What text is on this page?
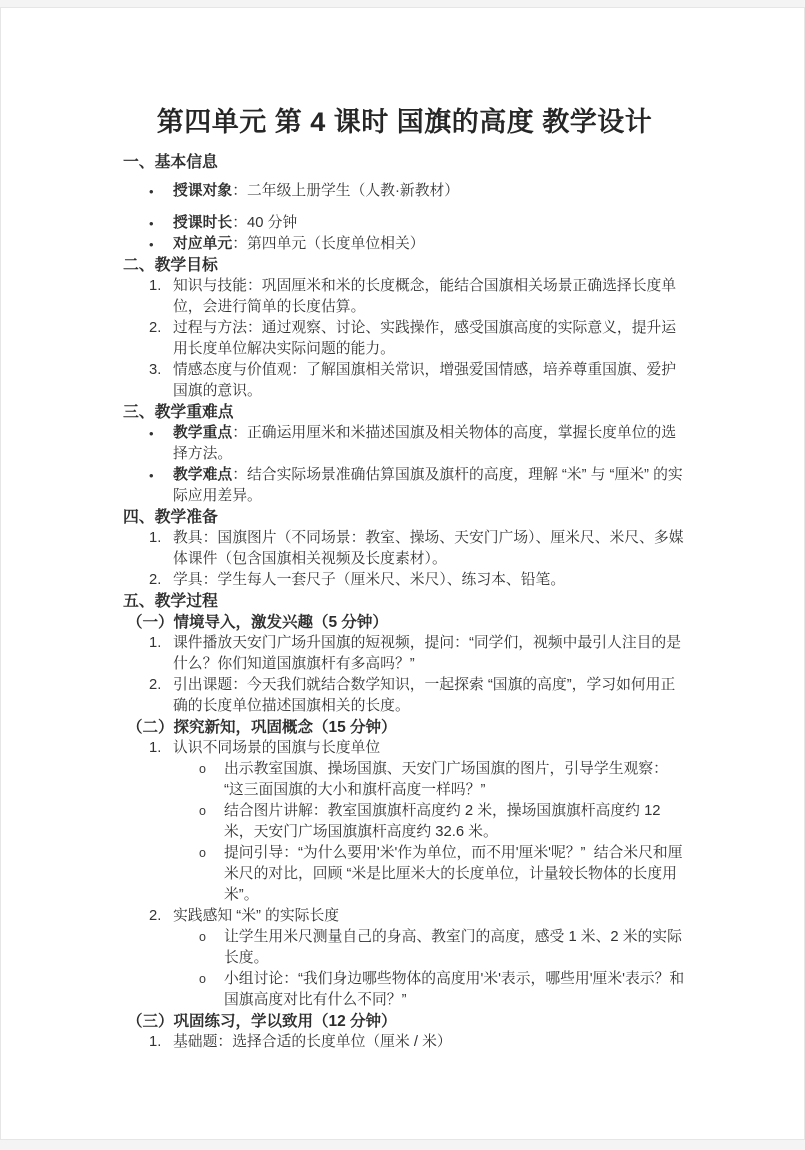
第四单元 第 4 课时 国旗的高度 教学设计
一、基本信息
•	授课对象：二年级上册学生（人教·新教材）
•	授课时长：40 分钟
•	对应单元：第四单元（长度单位相关）
二、教学目标
1. 知识与技能：巩固厘米和米的长度概念，能结合国旗相关场景正确选择长度单位，会进行简单的长度估算。
2. 过程与方法：通过观察、讨论、实践操作，感受国旗高度的实际意义，提升运用长度单位解决实际问题的能力。
3. 情感态度与价值观：了解国旗相关常识，增强爱国情感，培养尊重国旗、爱护国旗的意识。
三、教学重难点
•	教学重点：正确运用厘米和米描述国旗及相关物体的高度，掌握长度单位的选择方法。
•	教学难点：结合实际场景准确估算国旗及旗杆的高度，理解 “米” 与 “厘米” 的实际应用差异。
四、教学准备
1. 教具：国旗图片（不同场景：教室、操场、天安门广场）、厘米尺、米尺、多媒体课件（包含国旗相关视频及长度素材）。
2. 学具：学生每人一套尺子（厘米尺、米尺）、练习本、铅笔。
五、教学过程
（一）情境导入，激发兴趣（5 分钟）
1. 课件播放天安门广场升国旗的短视频，提问：“同学们，视频中最引人注目的是什么？你们知道国旗旗杆有多高吗？”
2. 引出课题：今天我们就结合数学知识，一起探索 “国旗的高度”，学习如何用正确的长度单位描述国旗相关的长度。
（二）探究新知，巩固概念（15 分钟）
1. 认识不同场景的国旗与长度单位
o	出示教室国旗、操场国旗、天安门广场国旗的图片，引导学生观察：“这三面国旗的大小和旗杆高度一样吗？”
o	结合图片讲解：教室国旗旗杆高度约 2 米，操场国旗旗杆高度约 12 米，天安门广场国旗旗杆高度约 32.6 米。
o	提问引导：“为什么要用'米'作为单位，而不用'厘米'呢？”  结合米尺和厘米尺的对比，回顾 “米是比厘米大的长度单位，计量较长物体的长度用米”。
2. 实践感知 “米” 的实际长度
o	让学生用米尺测量自己的身高、教室门的高度，感受 1 米、2 米的实际长度。
o	小组讨论：“我们身边哪些物体的高度用'米'表示，哪些用'厘米'表示？和国旗高度对比有什么不同？”
（三）巩固练习，学以致用（12 分钟）
1. 基础题：选择合适的长度单位（厘米 / 米）
